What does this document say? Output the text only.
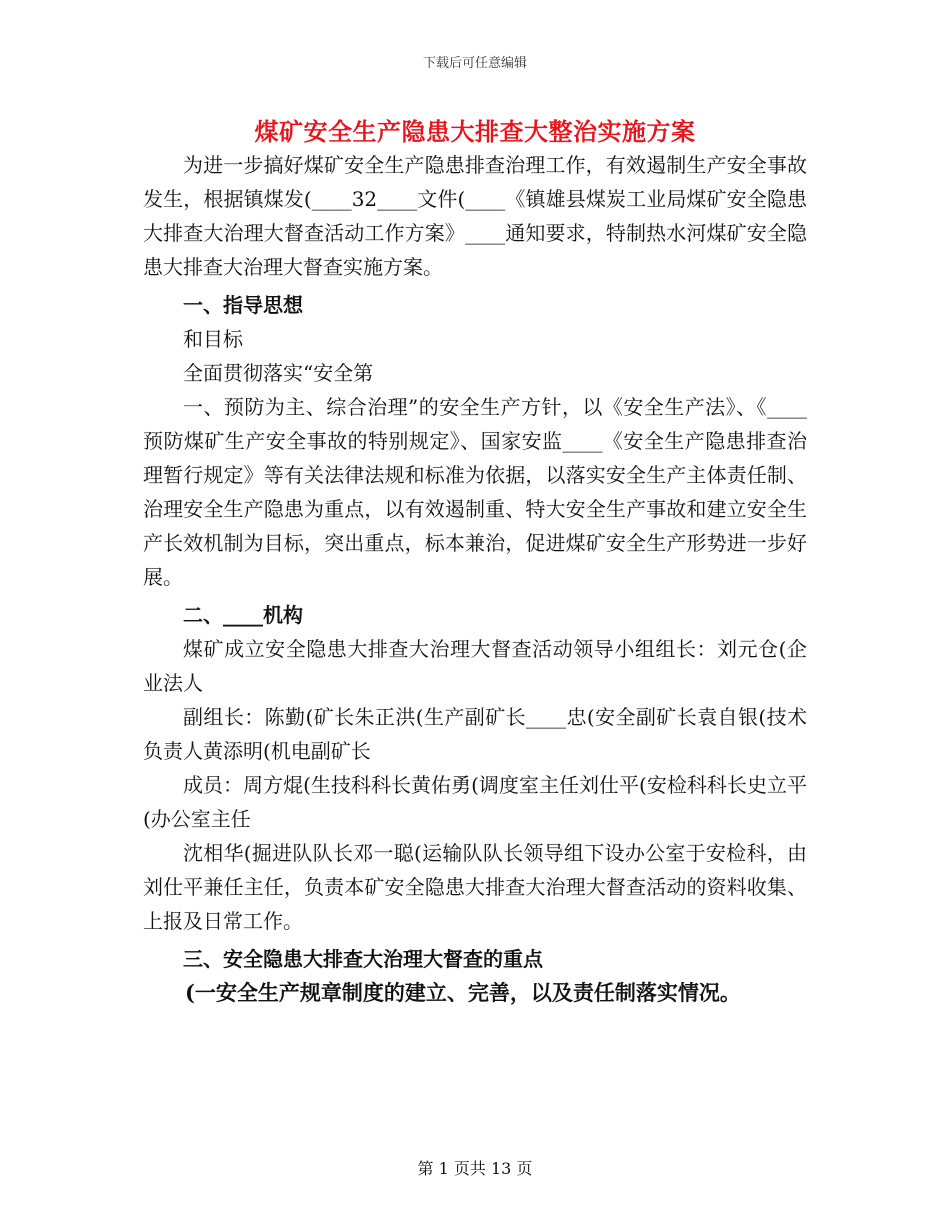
下载后可任意编辑
煤矿安全生产隐患大排查大整治实施方案

为进一步搞好煤矿安全生产隐患排查治理工作，有效遏制生产安全事故发生，根据镇煤发(____32____文件(____《镇雄县煤炭工业局煤矿安全隐患大排查大治理大督查活动工作方案》____通知要求，特制热水河煤矿安全隐患大排查大治理大督查实施方案。

一、指导思想

和目标

全面贯彻落实“安全第

一、预防为主、综合治理”的安全生产方针，以《安全生产法》、《____预防煤矿生产安全事故的特别规定》、国家安监____《安全生产隐患排查治理暂行规定》等有关法律法规和标准为依据，以落实安全生产主体责任制、治理安全生产隐患为重点，以有效遏制重、特大安全生产事故和建立安全生产长效机制为目标，突出重点，标本兼治，促进煤矿安全生产形势进一步好展。

二、____机构

煤矿成立安全隐患大排查大治理大督查活动领导小组组长：刘元仓(企业法人

副组长：陈勤(矿长朱正洪(生产副矿长____忠(安全副矿长袁自银(技术负责人黄添明(机电副矿长

成员：周方焜(生技科科长黄佑勇(调度室主任刘仕平(安检科科长史立平(办公室主任

沈相华(掘进队队长邓一聪(运输队队长领导组下设办公室于安检科，由刘仕平兼任主任，负责本矿安全隐患大排查大治理大督查活动的资料收集、上报及日常工作。

三、安全隐患大排查大治理大督查的重点

(一安全生产规章制度的建立、完善，以及责任制落实情况。

第 1 页共 13 页
